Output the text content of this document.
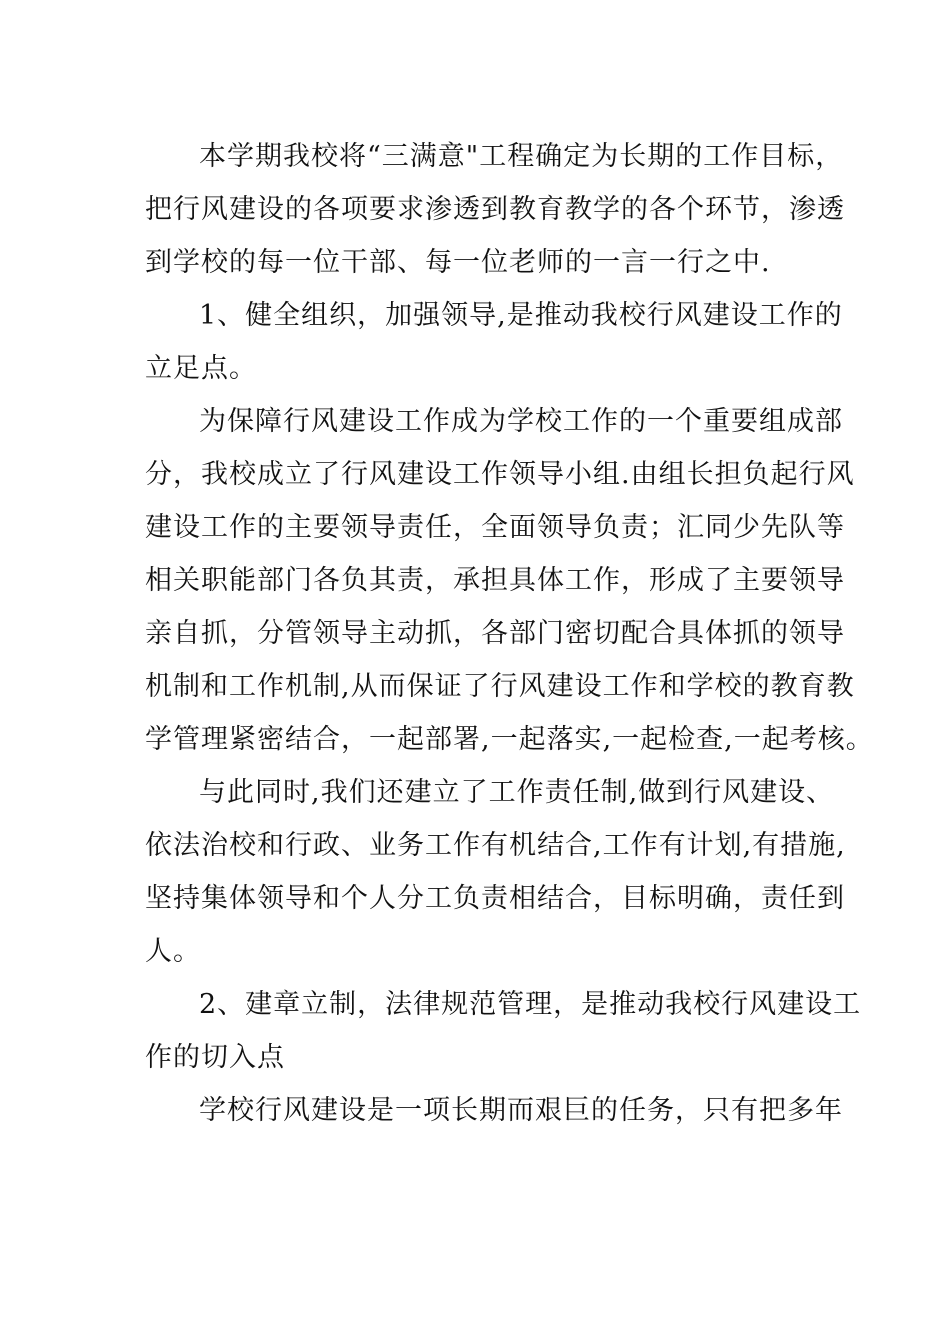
本学期我校将“三满意"工程确定为长期的工作目标，
把行风建设的各项要求渗透到教育教学的各个环节，渗透
到学校的每一位干部、每一位老师的一言一行之中.
1、健全组织，加强领导,是推动我校行风建设工作的
立足点。
为保障行风建设工作成为学校工作的一个重要组成部
分，我校成立了行风建设工作领导小组.由组长担负起行风
建设工作的主要领导责任，全面领导负责；汇同少先队等
相关职能部门各负其责，承担具体工作，形成了主要领导
亲自抓，分管领导主动抓，各部门密切配合具体抓的领导
机制和工作机制,从而保证了行风建设工作和学校的教育教
学管理紧密结合，一起部署,一起落实,一起检查,一起考核。
与此同时,我们还建立了工作责任制,做到行风建设、
依法治校和行政、业务工作有机结合,工作有计划,有措施,
坚持集体领导和个人分工负责相结合，目标明确，责任到
人。
2、建章立制，法律规范管理，是推动我校行风建设工
作的切入点
学校行风建设是一项长期而艰巨的任务，只有把多年
